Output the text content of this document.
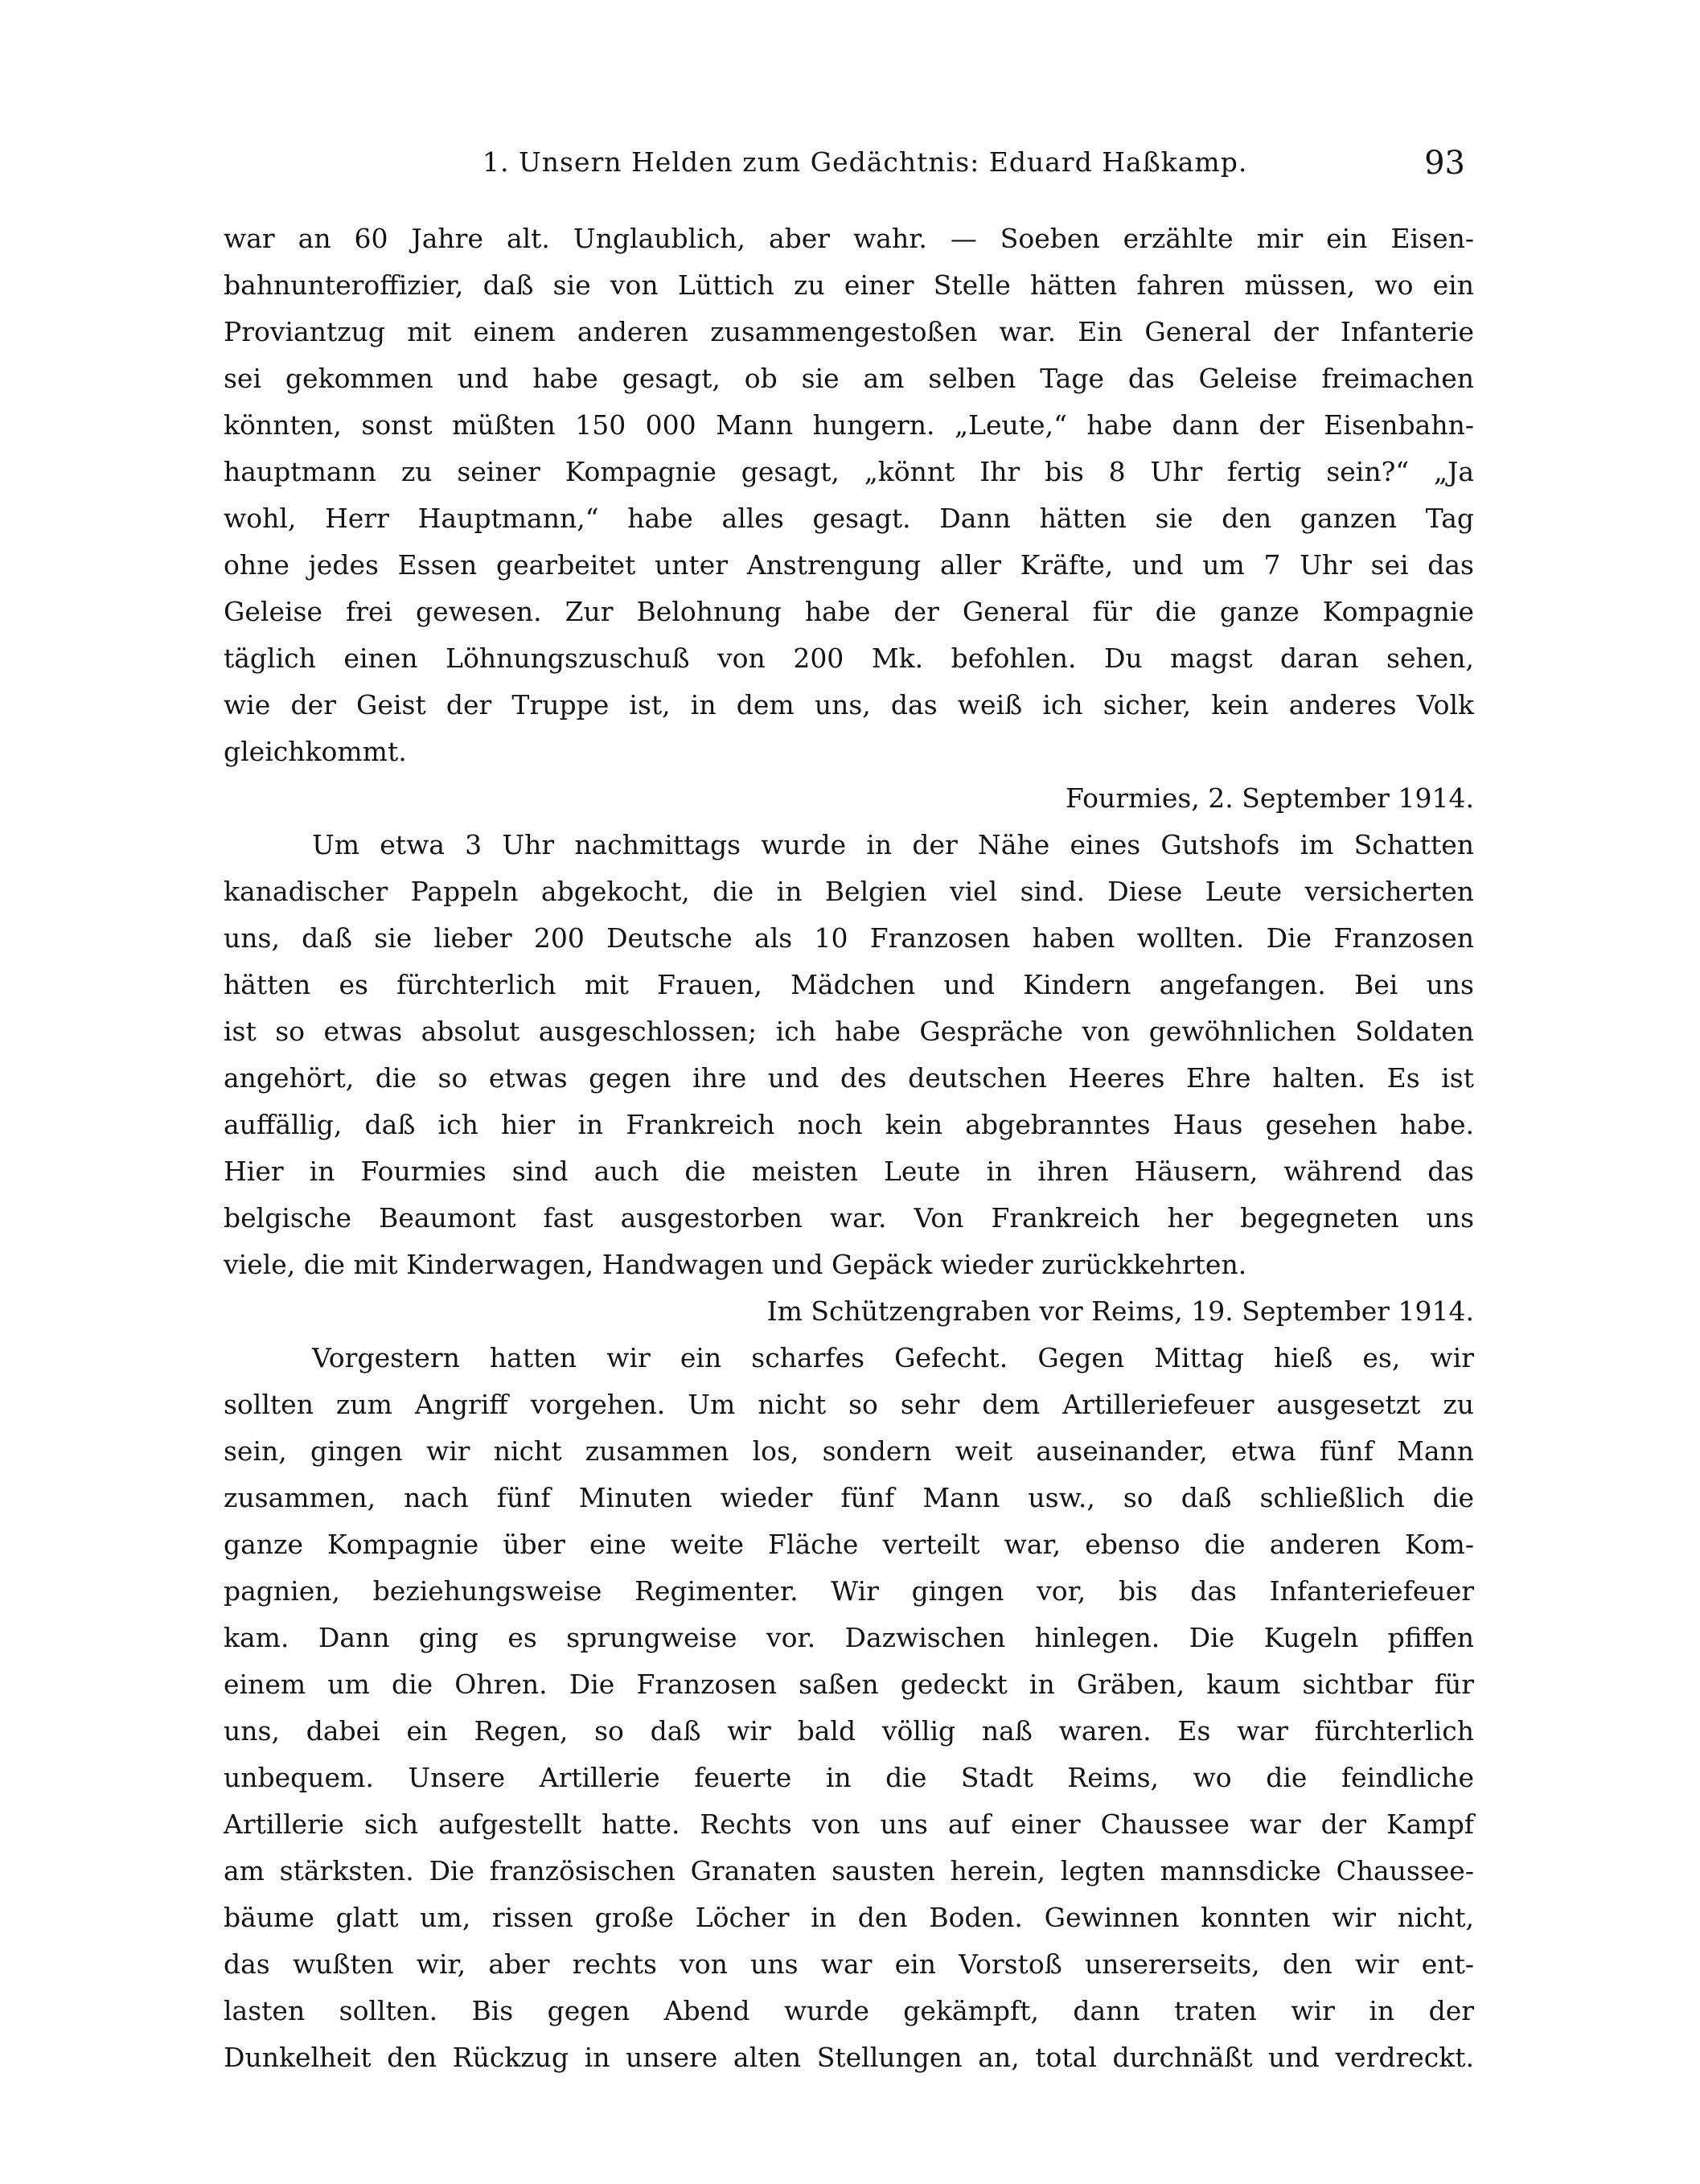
1. Unsern Helden zum Gedächtnis: Eduard Haßkamp.	93
war an 60 Jahre alt. Unglaublich, aber wahr. — Soeben erzählte mir ein Eisen-
bahnunteroffizier, daß sie von Lüttich zu einer Stelle hätten fahren müssen, wo ein
Proviantzug mit einem anderen zusammengestoßen war. Ein General der Infanterie
sei gekommen und habe gesagt, ob sie am selben Tage das Geleise freimachen
könnten, sonst müßten 150 000 Mann hungern. „Leute,“ habe dann der Eisenbahn-
hauptmann zu seiner Kompagnie gesagt, „könnt Ihr bis 8 Uhr fertig sein?“ „Ja
wohl, Herr Hauptmann,“ habe alles gesagt. Dann hätten sie den ganzen Tag
ohne jedes Essen gearbeitet unter Anstrengung aller Kräfte, und um 7 Uhr sei das
Geleise frei gewesen. Zur Belohnung habe der General für die ganze Kompagnie
täglich einen Löhnungszuschuß von 200 Mk. befohlen. Du magst daran sehen,
wie der Geist der Truppe ist, in dem uns, das weiß ich sicher, kein anderes Volk
gleichkommt.
Fourmies, 2. September 1914.
Um etwa 3 Uhr nachmittags wurde in der Nähe eines Gutshofs im Schatten
kanadischer Pappeln abgekocht, die in Belgien viel sind. Diese Leute versicherten
uns, daß sie lieber 200 Deutsche als 10 Franzosen haben wollten. Die Franzosen
hätten es fürchterlich mit Frauen, Mädchen und Kindern angefangen. Bei uns
ist so etwas absolut ausgeschlossen; ich habe Gespräche von gewöhnlichen Soldaten
angehört, die so etwas gegen ihre und des deutschen Heeres Ehre halten. Es ist
auffällig, daß ich hier in Frankreich noch kein abgebranntes Haus gesehen habe.
Hier in Fourmies sind auch die meisten Leute in ihren Häusern, während das
belgische Beaumont fast ausgestorben war. Von Frankreich her begegneten uns
viele, die mit Kinderwagen, Handwagen und Gepäck wieder zurückkehrten.
Im Schützengraben vor Reims, 19. September 1914.
Vorgestern hatten wir ein scharfes Gefecht. Gegen Mittag hieß es, wir
sollten zum Angriff vorgehen. Um nicht so sehr dem Artilleriefeuer ausgesetzt zu
sein, gingen wir nicht zusammen los, sondern weit auseinander, etwa fünf Mann
zusammen, nach fünf Minuten wieder fünf Mann usw., so daß schließlich die
ganze Kompagnie über eine weite Fläche verteilt war, ebenso die anderen Kom-
pagnien, beziehungsweise Regimenter. Wir gingen vor, bis das Infanteriefeuer
kam. Dann ging es sprungweise vor. Dazwischen hinlegen. Die Kugeln pfiffen
einem um die Ohren. Die Franzosen saßen gedeckt in Gräben, kaum sichtbar für
uns, dabei ein Regen, so daß wir bald völlig naß waren. Es war fürchterlich
unbequem. Unsere Artillerie feuerte in die Stadt Reims, wo die feindliche
Artillerie sich aufgestellt hatte. Rechts von uns auf einer Chaussee war der Kampf
am stärksten. Die französischen Granaten sausten herein, legten mannsdicke Chaussee-
bäume glatt um, rissen große Löcher in den Boden. Gewinnen konnten wir nicht,
das wußten wir, aber rechts von uns war ein Vorstoß unsererseits, den wir ent-
lasten sollten. Bis gegen Abend wurde gekämpft, dann traten wir in der
Dunkelheit den Rückzug in unsere alten Stellungen an, total durchnäßt und verdreckt.
